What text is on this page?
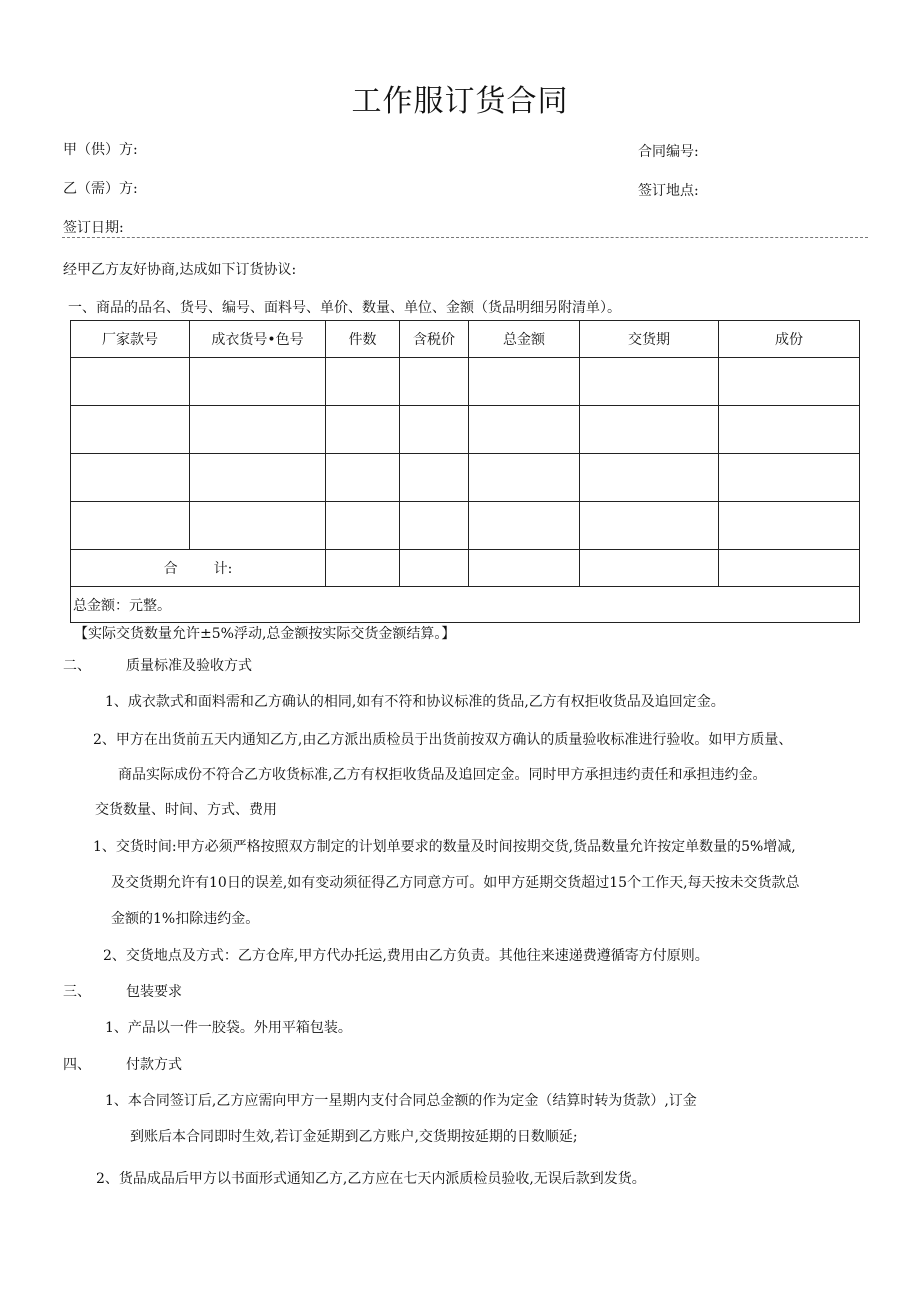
工作服订货合同
甲（供）方:	合同编号:
乙（需）方:	签订地点:
签订日期:
经甲乙方友好协商,达成如下订货协议:
一、商品的品名、货号、编号、面料号、单价、数量、单位、金额（货品明细另附清单）。
厂家款号	成衣货号•色号	件数	含税价	总金额	交货期	成份

合 计:						
总金额：元整。						
【实际交货数量允许±5%浮动,总金额按实际交货金额结算。】
二、	质量标准及验收方式
1、成衣款式和面料需和乙方确认的相同,如有不符和协议标准的货品,乙方有权拒收货品及追回定金。
2、甲方在出货前五天内通知乙方,由乙方派出质检员于出货前按双方确认的质量验收标准进行验收。如甲方质量、
商品实际成份不符合乙方收货标准,乙方有权拒收货品及追回定金。同时甲方承担违约责任和承担违约金。
交货数量、时间、方式、费用
1、交货时间:甲方必须严格按照双方制定的计划单要求的数量及时间按期交货,货品数量允许按定单数量的5%增减,
及交货期允许有10日的误差,如有变动须征得乙方同意方可。如甲方延期交货超过15个工作天,每天按未交货款总
金额的1%扣除违约金。
2、交货地点及方式：乙方仓库,甲方代办托运,费用由乙方负责。其他往来速递费遵循寄方付原则。
三、	包装要求
1、产品以一件一胶袋。外用平箱包装。
四、	付款方式
1、本合同签订后,乙方应需向甲方一星期内支付合同总金额的作为定金（结算时转为货款）,订金
到账后本合同即时生效,若订金延期到乙方账户,交货期按延期的日数顺延;
2、货品成品后甲方以书面形式通知乙方,乙方应在七天内派质检员验收,无误后款到发货。
